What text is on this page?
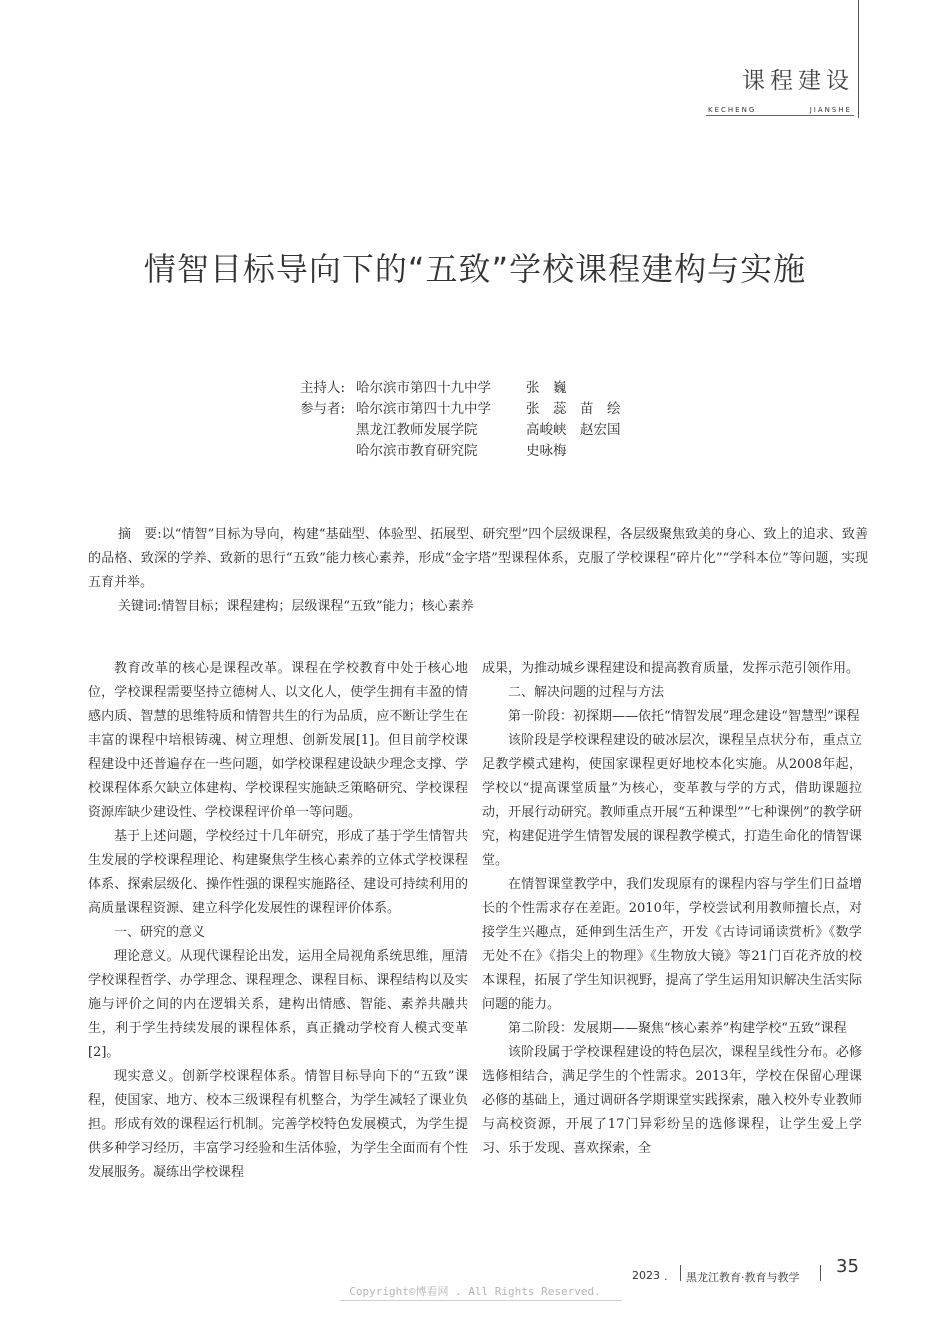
课程建设
KECHENG	JIANSHE
情智目标导向下的“五致”学校课程建构与实施
主持人: 哈尔滨市第四十九中学	张　巍
参与者: 哈尔滨市第四十九中学	张　蕊　苗　绘
黑龙江教师发展学院	高峻峡　赵宏国
哈尔滨市教育研究院	史咏梅

摘　要:以“情智”目标为导向，构建“基础型、体验型、拓展型、研究型”四个层级课程，各层级聚焦致美的身心、致上的追求、致善的品格、致深的学养、致新的思行“五致”能力核心素养，形成“金字塔”型课程体系，克服了学校课程“碎片化”“学科本位”等问题，实现五育并举。

关键词:情智目标；课程建构；层级课程“五致”能力；核心素养

教育改革的核心是课程改革。课程在学校教育中处于核心地位，学校课程需要坚持立德树人、以文化人，使学生拥有丰盈的情感内质、智慧的思维特质和情智共生的行为品质，应不断让学生在丰富的课程中培根铸魂、树立理想、创新发展[1]。但目前学校课程建设中还普遍存在一些问题，如学校课程建设缺少理念支撑、学校课程体系欠缺立体建构、学校课程实施缺乏策略研究、学校课程资源库缺少建设性、学校课程评价单一等问题。

基于上述问题，学校经过十几年研究，形成了基于学生情智共生发展的学校课程理论、构建聚焦学生核心素养的立体式学校课程体系、探索层级化、操作性强的课程实施路径、建设可持续利用的高质量课程资源、建立科学化发展性的课程评价体系。

一、研究的意义

理论意义。从现代课程论出发，运用全局视角系统思维，厘清学校课程哲学、办学理念、课程理念、课程目标、课程结构以及实施与评价之间的内在逻辑关系，建构出情感、智能、素养共融共生，利于学生持续发展的课程体系，真正撬动学校育人模式变革[2]。

现实意义。创新学校课程体系。情智目标导向下的“五致”课程，使国家、地方、校本三级课程有机整合，为学生减轻了课业负担。形成有效的课程运行机制。完善学校特色发展模式，为学生提供多种学习经历，丰富学习经验和生活体验，为学生全面而有个性发展服务。凝练出学校课程

成果，为推动城乡课程建设和提高教育质量，发挥示范引领作用。

二、解决问题的过程与方法

第一阶段：初探期——依托“情智发展”理念建设“智慧型”课程

该阶段是学校课程建设的破冰层次，课程呈点状分布，重点立足教学模式建构，使国家课程更好地校本化实施。从2008年起，学校以“提高课堂质量”为核心，变革教与学的方式，借助课题拉动，开展行动研究。教师重点开展“五种课型”“七种课例”的教学研究，构建促进学生情智发展的课程教学模式，打造生命化的情智课堂。

在情智课堂教学中，我们发现原有的课程内容与学生们日益增长的个性需求存在差距。2010年，学校尝试利用教师擅长点，对接学生兴趣点，延伸到生活生产，开发《古诗词诵读赏析》《数学无处不在》《指尖上的物理》《生物放大镜》等21门百花齐放的校本课程，拓展了学生知识视野，提高了学生运用知识解决生活实际问题的能力。

第二阶段：发展期——聚焦“核心素养”构建学校“五致”课程

该阶段属于学校课程建设的特色层次，课程呈线性分布。必修选修相结合，满足学生的个性需求。2013年，学校在保留心理课必修的基础上，通过调研各学期课堂实践探索，融入校外专业教师与高校资源，开展了17门异彩纷呈的选修课程，让学生爱上学习、乐于发现、喜欢探索，全

2023 . 黑龙江教育·教育与教学
35
Copyright©博看网 . All Rights Reserved.
